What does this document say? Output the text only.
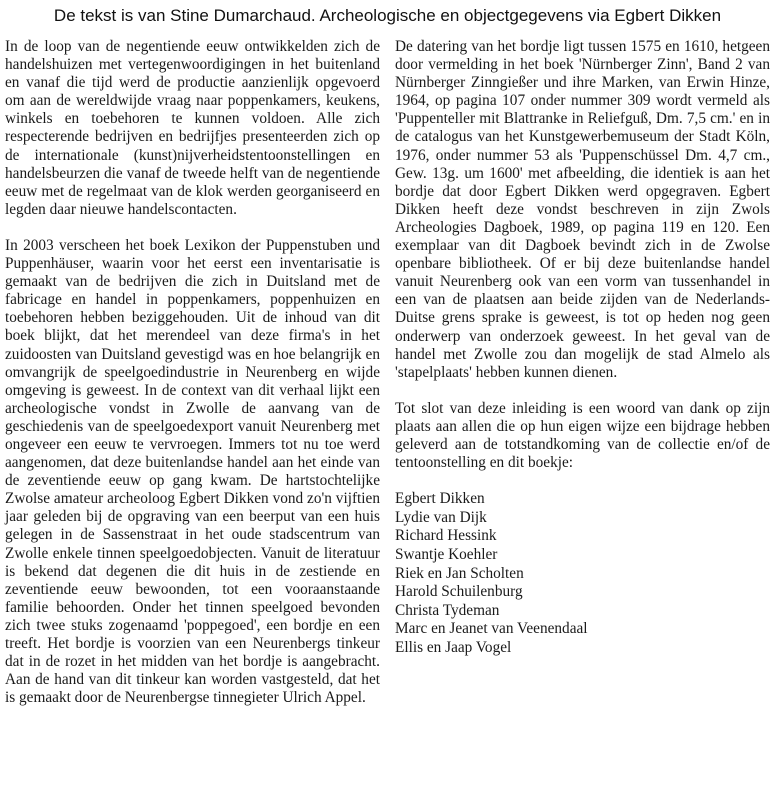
De tekst is van Stine Dumarchaud. Archeologische en objectgegevens via Egbert Dikken

In de loop van de negentiende eeuw ontwikkelden zich de handelshuizen met vertegenwoordigingen in het buitenland en vanaf die tijd werd de productie aanzienlijk opgevoerd om aan de wereldwijde vraag naar poppenkamers, keukens, winkels en toebehoren te kunnen voldoen. Alle zich respecterende bedrijven en bedrijfjes presenteerden zich op de internationale (kunst)nijverheidstentoonstellingen en handelsbeurzen die vanaf de tweede helft van de negentiende eeuw met de regelmaat van de klok werden georganiseerd en legden daar nieuwe handelscontacten.

In 2003 verscheen het boek Lexikon der Puppenstuben und Puppenhäuser, waarin voor het eerst een inventarisatie is gemaakt van de bedrijven die zich in Duitsland met de fabricage en handel in poppenkamers, poppenhuizen en toebehoren hebben beziggehouden. Uit de inhoud van dit boek blijkt, dat het merendeel van deze firma's in het zuidoosten van Duitsland gevestigd was en hoe belangrijk en omvangrijk de speelgoedindustrie in Neurenberg en wijde omgeving is geweest. In de context van dit verhaal lijkt een archeologische vondst in Zwolle de aanvang van de geschiedenis van de speelgoedexport vanuit Neurenberg met ongeveer een eeuw te vervroegen. Immers tot nu toe werd aangenomen, dat deze buitenlandse handel aan het einde van de zeventiende eeuw op gang kwam. De hartstochtelijke Zwolse amateur archeoloog Egbert Dikken vond zo'n vijftien jaar geleden bij de opgraving van een beerput van een huis gelegen in de Sassenstraat in het oude stadscentrum van Zwolle enkele tinnen speelgoedobjecten. Vanuit de literatuur is bekend dat degenen die dit huis in de zestiende en zeventiende eeuw bewoonden, tot een vooraanstaande familie behoorden. Onder het tinnen speelgoed bevonden zich twee stuks zogenaamd 'poppegoed', een bordje en een treeft. Het bordje is voorzien van een Neurenbergs tinkeur dat in de rozet in het midden van het bordje is aangebracht. Aan de hand van dit tinkeur kan worden vastgesteld, dat het is gemaakt door de Neurenbergse tinnegieter Ulrich Appel.

De datering van het bordje ligt tussen 1575 en 1610, hetgeen door vermelding in het boek 'Nürnberger Zinn', Band 2 van Nürnberger Zinngießer und ihre Marken, van Erwin Hinze, 1964, op pagina 107 onder nummer 309 wordt vermeld als 'Puppenteller mit Blattranke in Reliefguß, Dm. 7,5 cm.' en in de catalogus van het Kunstgewerbemuseum der Stadt Köln, 1976, onder nummer 53 als 'Puppenschüssel Dm. 4,7 cm., Gew. 13g. um 1600' met afbeelding, die identiek is aan het bordje dat door Egbert Dikken werd opgegraven. Egbert Dikken heeft deze vondst beschreven in zijn Zwols Archeologies Dagboek, 1989, op pagina 119 en 120. Een exemplaar van dit Dagboek bevindt zich in de Zwolse openbare bibliotheek. Of er bij deze buitenlandse handel vanuit Neurenberg ook van een vorm van tussenhandel in een van de plaatsen aan beide zijden van de Nederlands-Duitse grens sprake is geweest, is tot op heden nog geen onderwerp van onderzoek geweest. In het geval van de handel met Zwolle zou dan mogelijk de stad Almelo als 'stapelplaats' hebben kunnen dienen.

Tot slot van deze inleiding is een woord van dank op zijn plaats aan allen die op hun eigen wijze een bijdrage hebben geleverd aan de totstandkoming van de collectie en/of de tentoonstelling en dit boekje:

Egbert Dikken
Lydie van Dijk
Richard Hessink
Swantje Koehler
Riek en Jan Scholten
Harold Schuilenburg
Christa Tydeman
Marc en Jeanet van Veenendaal
Ellis en Jaap Vogel
